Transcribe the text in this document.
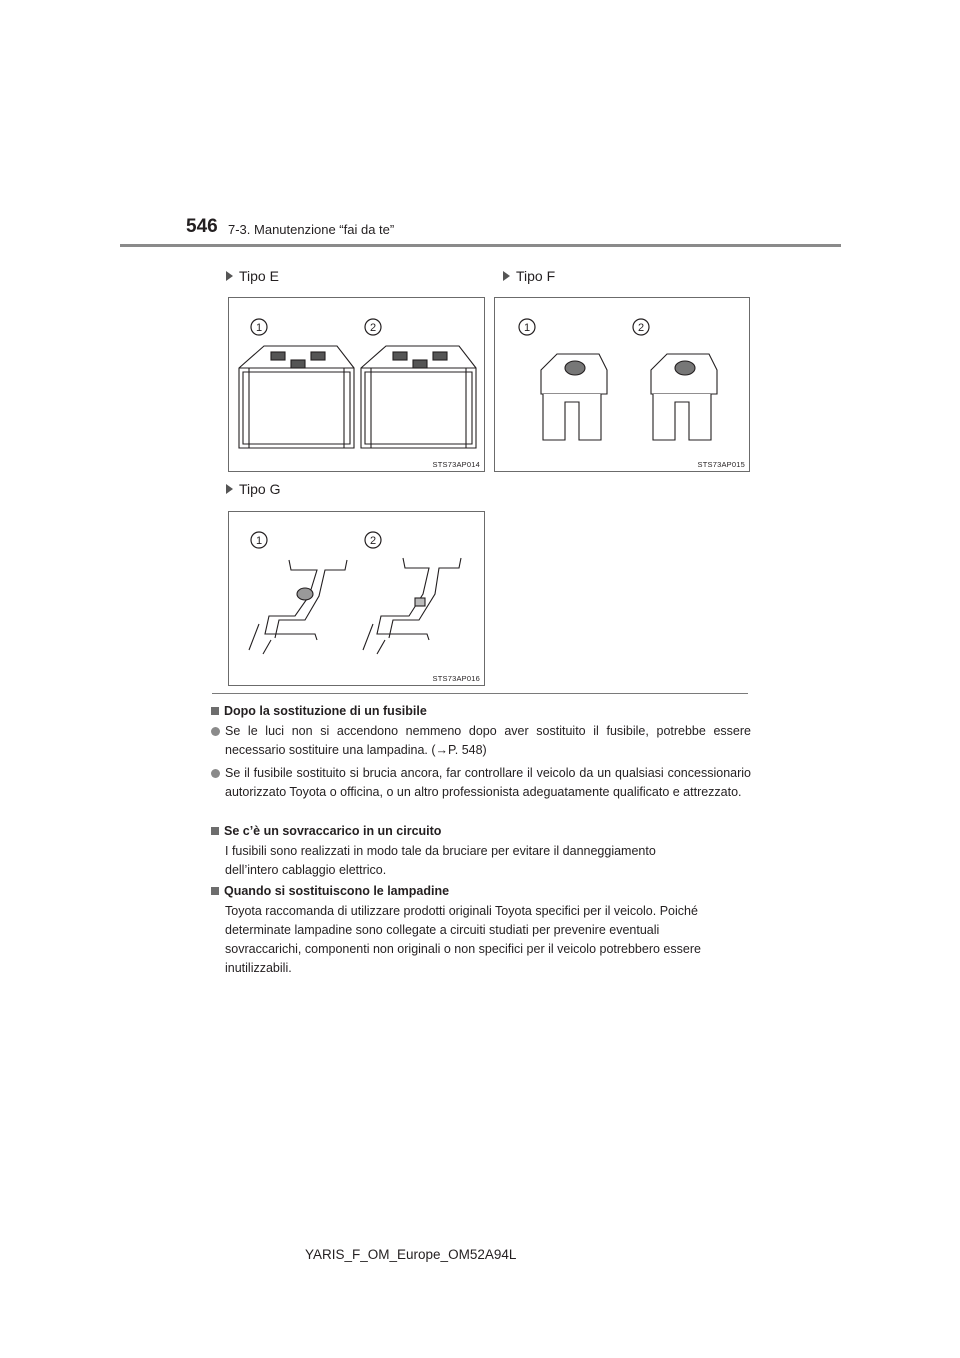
546 7-3. Manutenzione “fai da te”
Tipo E	Tipo F
1	2
STS73AP014
1	2
STS73AP015
Tipo G
1	2
STS73AP016
Dopo la sostituzione di un fusibile
Se le luci non si accendono nemmeno dopo aver sostituito il fusibile, potrebbe essere necessario sostituire una lampadina. (→P. 548)
Se il fusibile sostituito si brucia ancora, far controllare il veicolo da un qualsiasi concessionario autorizzato Toyota o officina, o un altro professionista adeguatamente qualificato e attrezzato.
Se c’è un sovraccarico in un circuito
I fusibili sono realizzati in modo tale da bruciare per evitare il danneggiamento
dell’intero cablaggio elettrico.
Quando si sostituiscono le lampadine
Toyota raccomanda di utilizzare prodotti originali Toyota specifici per il veicolo. Poiché
determinate lampadine sono collegate a circuiti studiati per prevenire eventuali
sovraccarichi, componenti non originali o non specifici per il veicolo potrebbero essere
inutilizzabili.
YARIS_F_OM_Europe_OM52A94L
